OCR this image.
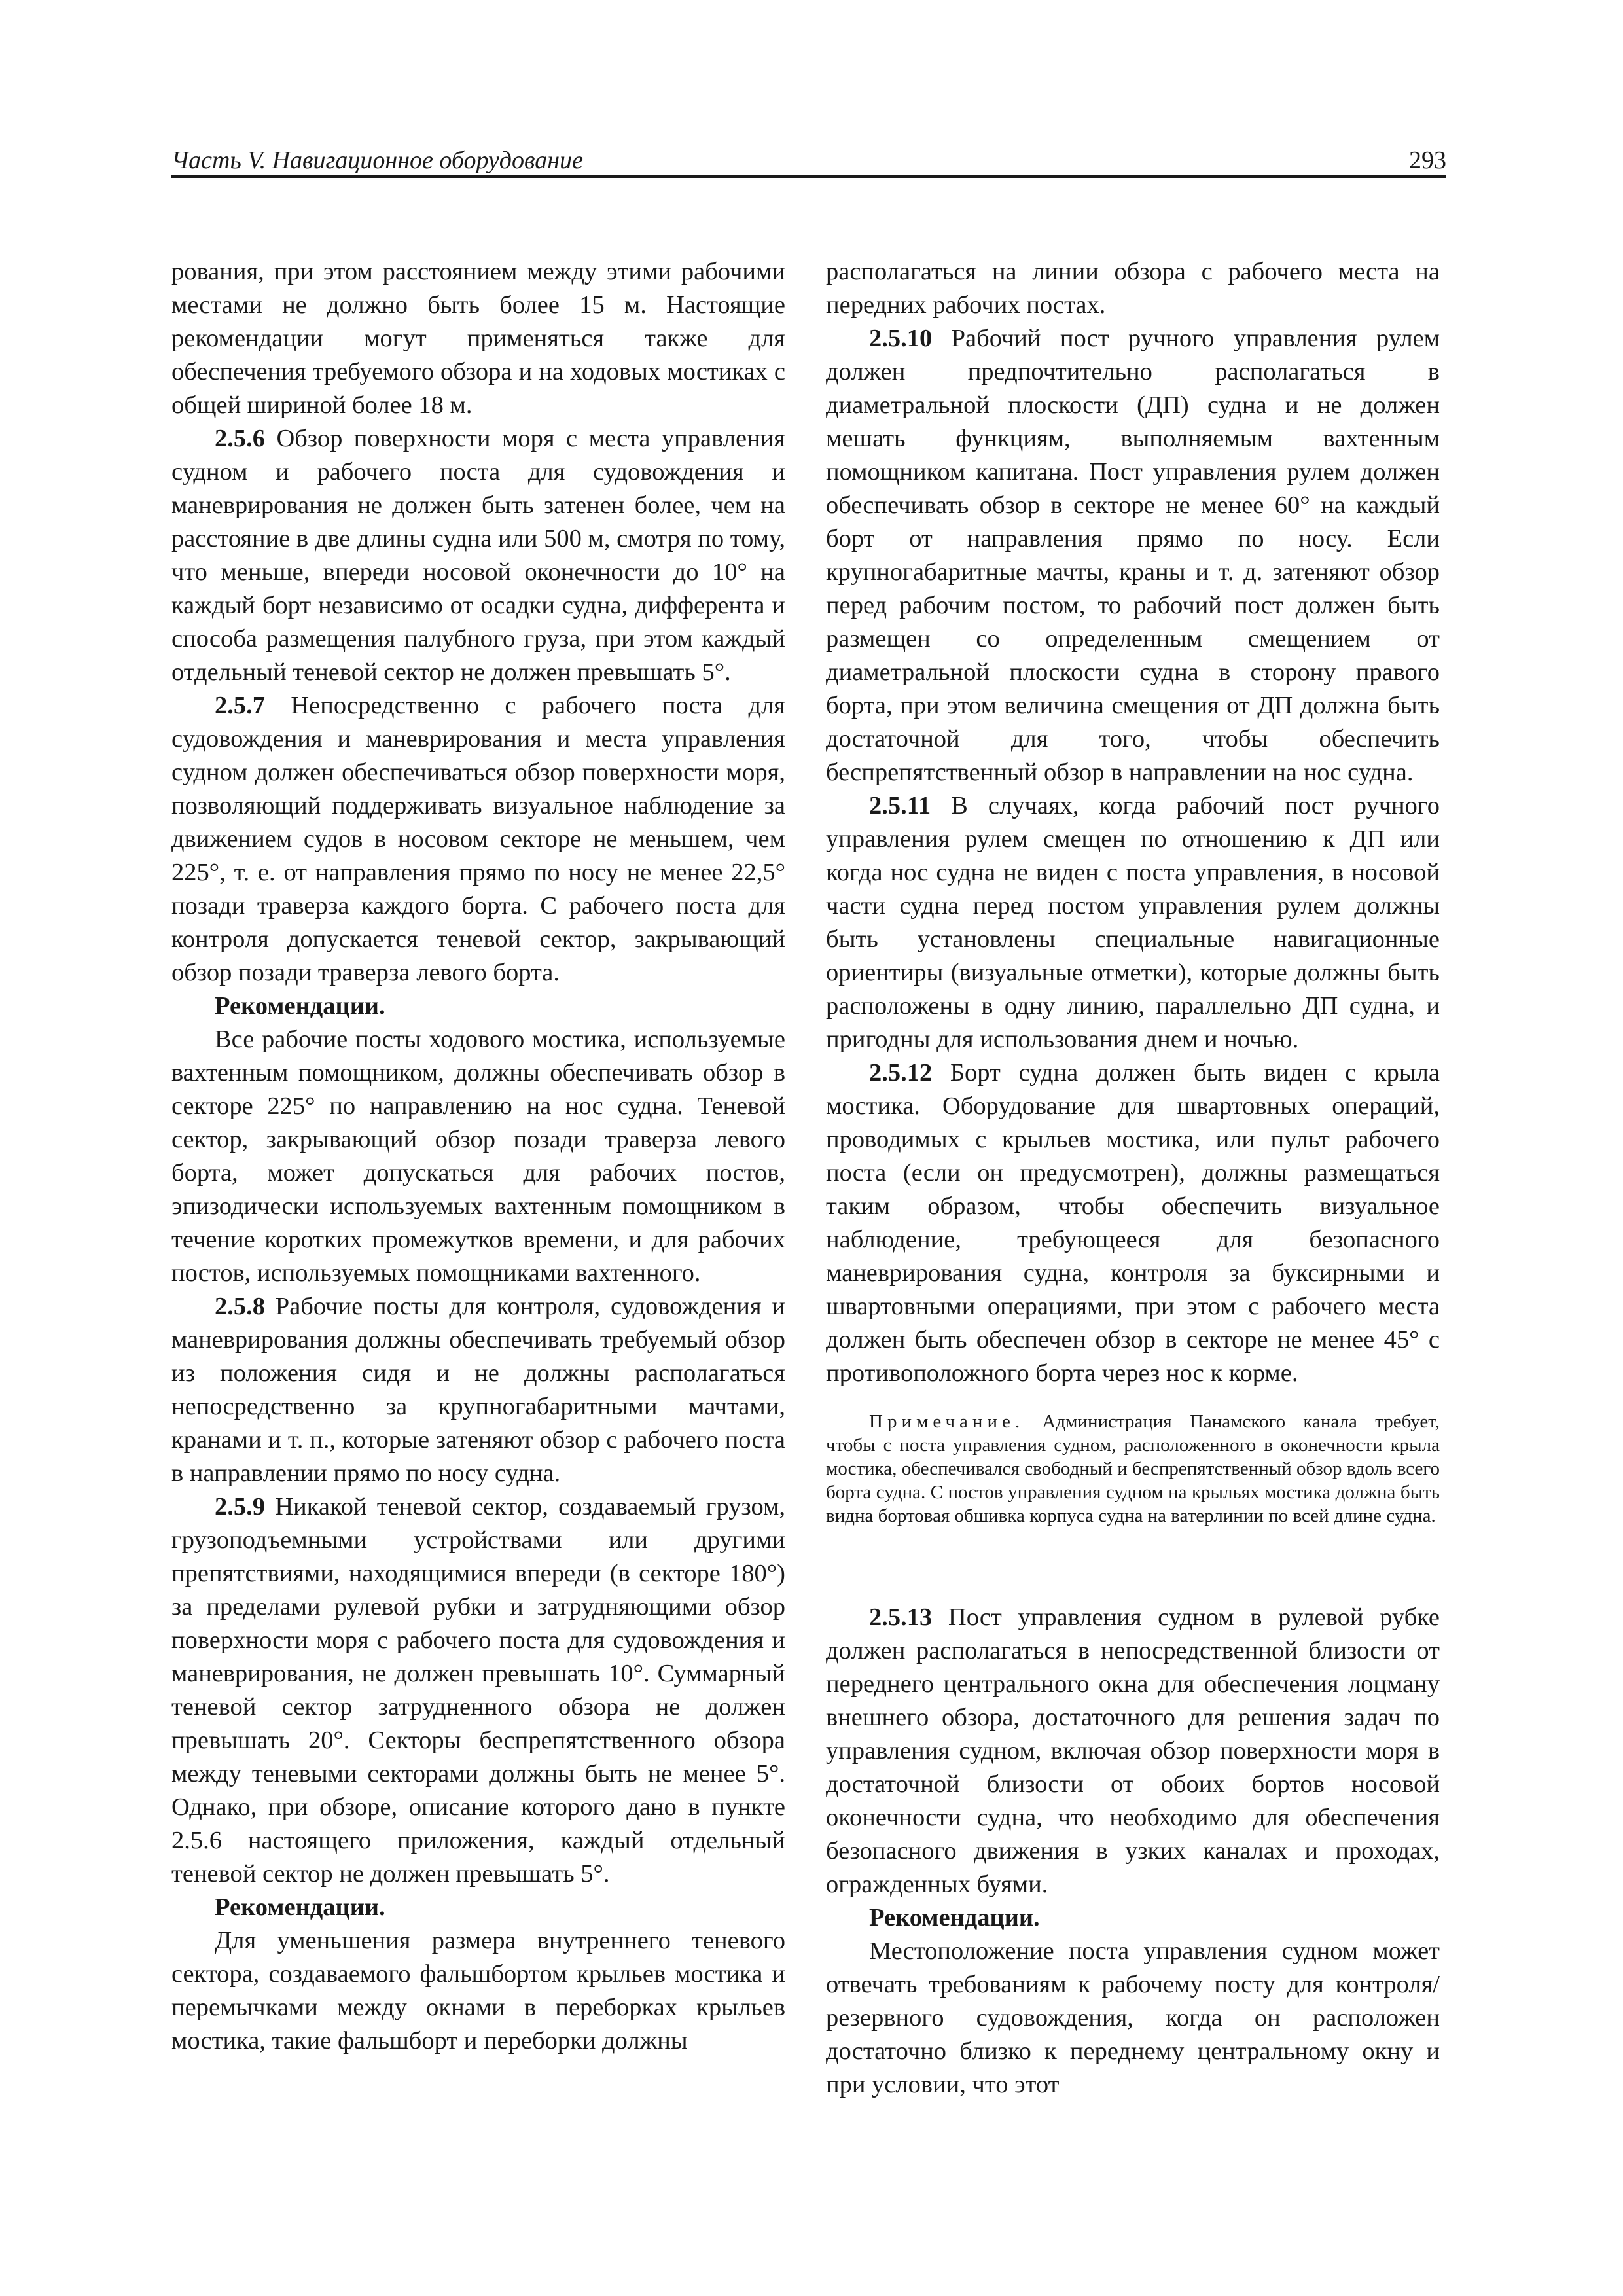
Часть V. Навигационное оборудование	293

рования, при этом расстоянием между этими рабочими местами не должно быть более 15 м. Настоящие рекомендации могут применяться также для обеспечения требуемого обзора и на ходовых мостиках с общей шириной более 18 м.

2.5.6 Обзор поверхности моря с места управления судном и рабочего поста для судовождения и маневрирования не должен быть затенен более, чем на расстояние в две длины судна или 500 м, смотря по тому, что меньше, впереди носовой оконечности до 10° на каждый борт независимо от осадки судна, дифферента и способа размещения палубного груза, при этом каждый отдельный теневой сектор не должен превышать 5°.

2.5.7 Непосредственно с рабочего поста для судовождения и маневрирования и места управления судном должен обеспечиваться обзор поверхности моря, позволяющий поддерживать визуальное наблюдение за движением судов в носовом секторе не меньшем, чем 225°, т. е. от направления прямо по носу не менее 22,5° позади траверза каждого борта. С рабочего поста для контроля допускается теневой сектор, закрывающий обзор позади траверза левого борта.

Рекомендации.

Все рабочие посты ходового мостика, используемые вахтенным помощником, должны обеспечивать обзор в секторе 225° по направлению на нос судна. Теневой сектор, закрывающий обзор позади траверза левого борта, может допускаться для рабочих постов, эпизодически используемых вахтенным помощником в течение коротких промежутков времени, и для рабочих постов, используемых помощниками вахтенного.

2.5.8 Рабочие посты для контроля, судовождения и маневрирования должны обеспечивать требуемый обзор из положения сидя и не должны располагаться непосредственно за крупногабаритными мачтами, кранами и т. п., которые затеняют обзор с рабочего поста в направлении прямо по носу судна.

2.5.9 Никакой теневой сектор, создаваемый грузом, грузоподъемными устройствами или другими препятствиями, находящимися впереди (в секторе 180°) за пределами рулевой рубки и затрудняющими обзор поверхности моря с рабочего поста для судовождения и маневрирования, не должен превышать 10°. Суммарный теневой сектор затрудненного обзора не должен превышать 20°. Секторы беспрепятственного обзора между теневыми секторами должны быть не менее 5°. Однако, при обзоре, описание которого дано в пункте 2.5.6 настоящего приложения, каждый отдельный теневой сектор не должен превышать 5°.

Рекомендации.

Для уменьшения размера внутреннего теневого сектора, создаваемого фальшбортом крыльев мостика и перемычками между окнами в переборках крыльев мостика, такие фальшборт и переборки должны

располагаться на линии обзора с рабочего места на передних рабочих постах.

2.5.10 Рабочий пост ручного управления рулем должен предпочтительно располагаться в диаметральной плоскости (ДП) судна и не должен мешать функциям, выполняемым вахтенным помощником капитана. Пост управления рулем должен обеспечивать обзор в секторе не менее 60° на каждый борт от направления прямо по носу. Если крупногабаритные мачты, краны и т. д. затеняют обзор перед рабочим постом, то рабочий пост должен быть размещен со определенным смещением от диаметральной плоскости судна в сторону правого борта, при этом величина смещения от ДП должна быть достаточной для того, чтобы обеспечить беспрепятственный обзор в направлении на нос судна.

2.5.11 В случаях, когда рабочий пост ручного управления рулем смещен по отношению к ДП или когда нос судна не виден с поста управления, в носовой части судна перед постом управления рулем должны быть установлены специальные навигационные ориентиры (визуальные отметки), которые должны быть расположены в одну линию, параллельно ДП судна, и пригодны для использования днем и ночью.

2.5.12 Борт судна должен быть виден с крыла мостика. Оборудование для швартовных операций, проводимых с крыльев мостика, или пульт рабочего поста (если он предусмотрен), должны размещаться таким образом, чтобы обеспечить визуальное наблюдение, требующееся для безопасного маневрирования судна, контроля за буксирными и швартовными операциями, при этом с рабочего места должен быть обеспечен обзор в секторе не менее 45° с противоположного борта через нос к корме.

Примечание. Администрация Панамского канала требует, чтобы с поста управления судном, расположенного в оконечности крыла мостика, обеспечивался свободный и беспрепятственный обзор вдоль всего борта судна. С постов управления судном на крыльях мостика должна быть видна бортовая обшивка корпуса судна на ватерлинии по всей длине судна.

2.5.13 Пост управления судном в рулевой рубке должен располагаться в непосредственной близости от переднего центрального окна для обеспечения лоцману внешнего обзора, достаточного для решения задач по управления судном, включая обзор поверхности моря в достаточной близости от обоих бортов носовой оконечности судна, что необходимо для обеспечения безопасного движения в узких каналах и проходах, огражденных буями.

Рекомендации.

Местоположение поста управления судном может отвечать требованиям к рабочему посту для контроля/резервного судовождения, когда он расположен достаточно близко к переднему центральному окну и при условии, что этот
